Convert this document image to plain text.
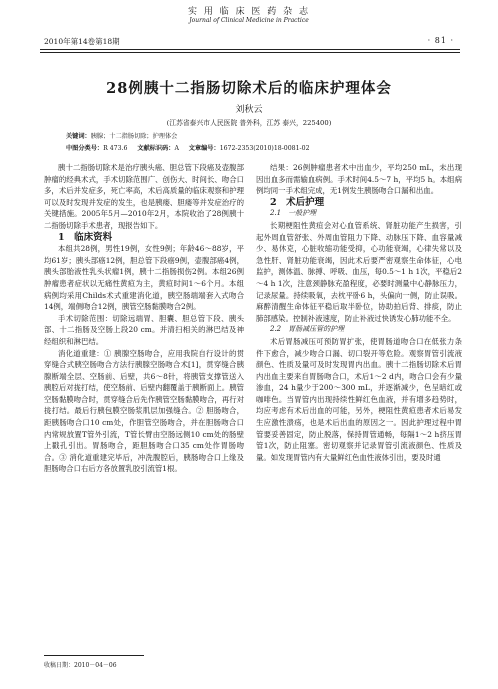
实 用 临 床 医 药 杂 志
Journal of Clinical Medicine in Practice
2010年第14卷第18期	· 81 ·
28例胰十二指肠切除术后的临床护理体会
刘秋云
(江苏省泰兴市人民医院 普外科，江苏 泰兴，225400)
关键词：胰腺；十二指肠切除；护理体会
中图分类号：R 473.6 文献标识码：A 文章编号：1672-2353(2010)18-0081-02

胰十二指肠切除术是治疗胰头癌、胆总管下段癌及壶腹部肿瘤的经典术式，手术切除范围广、创伤大、时间长、吻合口多，术后并发症多，死亡率高，术后高质量的临床观察和护理可以及时发现并发症的发生，也是胰瘘、胆瘘等并发症治疗的关键措施。2005年5月—2010年2月，本院收治了28例胰十二指肠切除手术患者，现报告如下。

1　临床资料

本组共28例，男性19例，女性9例；年龄46～88岁，平均61岁；胰头部癌12例，胆总管下段癌9例，壶腹部癌4例，胰头部胎液性乳头状瘤1例，胰十二指肠损伤2例。本组26例肿瘤患者症状以无痛性黄疸为主，黄疸时间1～6个月。本组病例均采用Childs术式重建消化道，胰空肠端端套入式吻合14例，端侧吻合12例，胰管空肠黏膜吻合2例。

手术切除范围：切除远端胃、胆囊、胆总管下段、胰头部、十二指肠及空肠上段20 cm。并清扫相关的淋巴结及神经组织和淋巴结。

消化道重建：① 胰腺空肠吻合，应用我院自行设计的贯穿缝合式胰空肠吻合方法行胰腺空肠吻合术[1]，贯穿缝合胰腺断端全层、空肠前、后壁，共6～8针，将胰管支撑管送入胰腔后对拢打结，使空肠前、后壁内翻覆盖于胰断面上。胰管空肠黏膜吻合时，贯穿缝合后先作胰管空肠黏膜吻合，再行对拢打结。最后行胰包膜空肠浆肌层加强缝合。② 胆肠吻合，距胰肠吻合口10 cm处，作胆管空肠吻合，并在胆肠吻合口内常规放置T管外引流，T管长臂由空肠远侧10 cm处的肠壁上戳孔引出。胃肠吻合，距胆肠吻合口35 cm处作胃肠吻合。③ 消化道重建完毕后，冲洗腹腔后，胰肠吻合口上缘及胆肠吻合口右后方各放置乳胶引流管1根。

结果：26例肿瘤患者术中出血少，平均250 mL，未出现因出血多而需输血病例。手术时间4.5～7 h，平均5 h。本组病例均同一手术组完成，无1例发生胰肠吻合口漏和出血。

2　术后护理

2.1　一般护理

长期梗阻性黄疸会对心血管系统、肾脏功能产生损害，引起外周血管舒张、外周血管阻力下降、动脉压下降、血容量减少、易休克，心脏收缩功能受抑，心功能衰竭，心律失常以及急性肝、肾脏功能衰竭，因此术后要严密观察生命体征，心电监护，测体温、脉搏、呼吸、血压，每0.5～1 h 1次，平稳后2～4 h 1次，注意颈静脉充盈程度，必要时测量中心静脉压力，记录尿量。持续吸氧，去枕平卧6 h，头偏向一侧，防止误吸。麻醉清醒生命体征平稳后取半卧位，协助拍后背、排痰，防止肺部感染。控制补液速度，防止补液过快诱发心肺功能不全。

2.2　胃肠减压管的护理

术后胃肠减压可预防胃扩张，使胃肠道吻合口在低张力条件下愈合，减少吻合口漏、切口裂开等危险。观察胃管引流液颜色、性质及量可及时发现胃内出血。胰十二指肠切除术后胃内出血主要来自胃肠吻合口，术后1～2 d内，吻合口会有少量渗血，24 h量少于200～300 mL，并逐渐减少，色呈暗红或咖啡色。当胃管内出现持续性鲜红色血液，并有增多趋势时，均应考虑有术后出血的可能，另外，梗阻性黄疸患者术后易发生应激性溃疡，也是术后出血的原因之一。因此护理过程中胃管要妥善固定，防止脱落，保持胃管通畅，每隔1～2 h挤压胃管1次，防止阻塞。密切观察并记录胃管引流液颜色、性质及量。如发现胃管内有大量鲜红色血性液体引出，要及时通

收稿日期：2010－04－06
